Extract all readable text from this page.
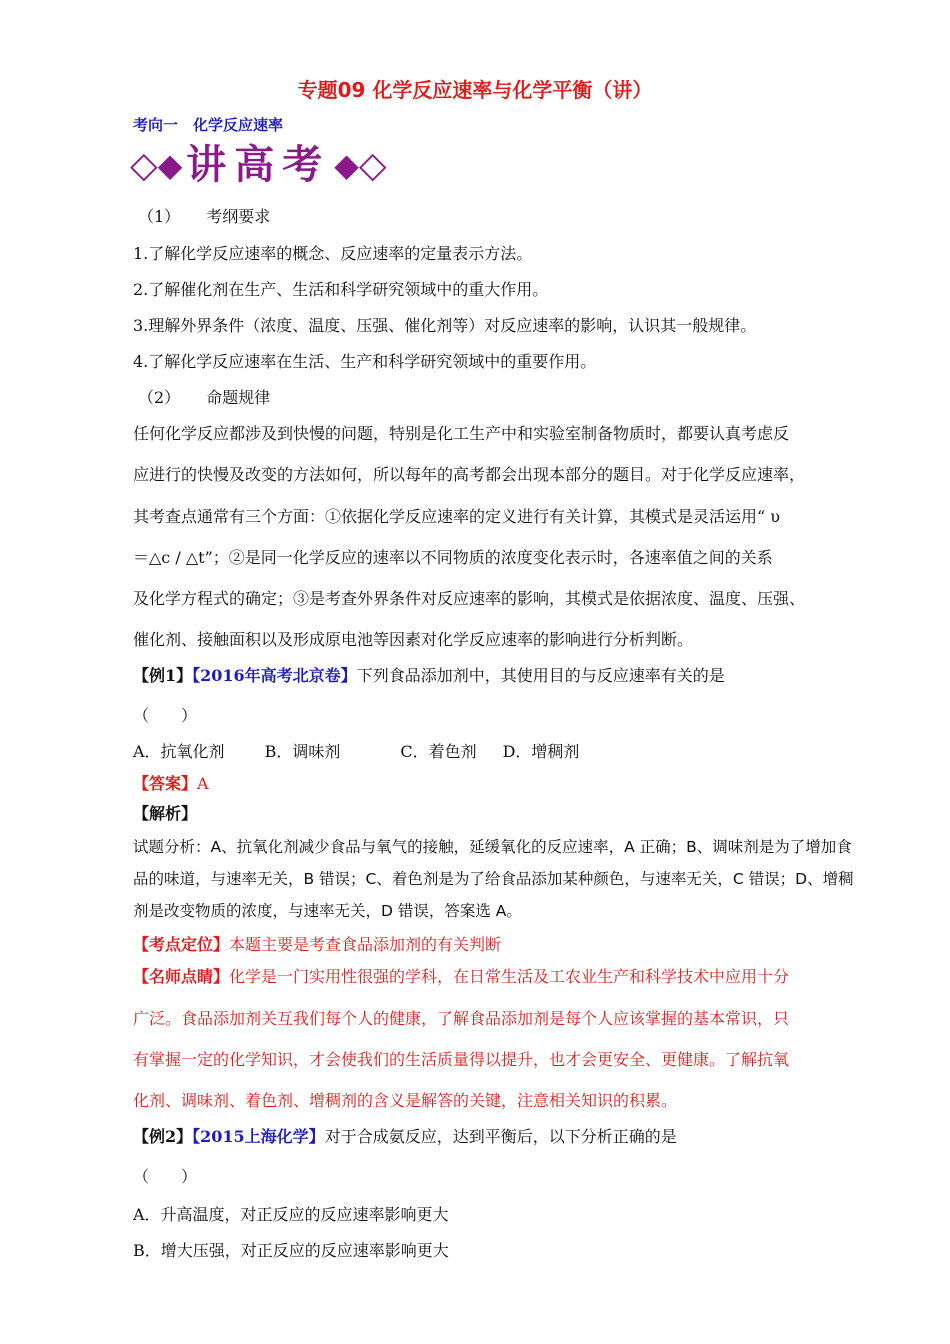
专题09 化学反应速率与化学平衡（讲）
考向一　化学反应速率
◇ ◆ 讲高考 ◆ ◇
（1） 考纲要求
1.了解化学反应速率的概念、反应速率的定量表示方法。
2.了解催化剂在生产、生活和科学研究领域中的重大作用。
3.理解外界条件（浓度、温度、压强、催化剂等）对反应速率的影响，认识其一般规律。
4.了解化学反应速率在生活、生产和科学研究领域中的重要作用。
（2） 命题规律
任何化学反应都涉及到快慢的问题，特别是化工生产中和实验室制备物质时，都要认真考虑反
应进行的快慢及改变的方法如何，所以每年的高考都会出现本部分的题目。对于化学反应速率，
其考查点通常有三个方面：①依据化学反应速率的定义进行有关计算，其模式是灵活运用“ υ
＝△c / △t”；②是同一化学反应的速率以不同物质的浓度变化表示时，各速率值之间的关系
及化学方程式的确定；③是考查外界条件对反应速率的影响，其模式是依据浓度、温度、压强、
催化剂、接触面积以及形成原电池等因素对化学反应速率的影响进行分析判断。
【例1】【2016年高考北京卷】下列食品添加剂中，其使用目的与反应速率有关的是
（　　）
A．抗氧化剂	B．调味剂	C．着色剂 D．增稠剂
【答案】A
【解析】
试题分析：A、抗氧化剂减少食品与氧气的接触，延缓氧化的反应速率，A 正确；B、调味剂是为了增加食
品的味道，与速率无关，B 错误；C、着色剂是为了给食品添加某种颜色，与速率无关，C 错误；D、增稠
剂是改变物质的浓度，与速率无关，D 错误，答案选 A。
【考点定位】本题主要是考查食品添加剂的有关判断
【名师点睛】化学是一门实用性很强的学科，在日常生活及工农业生产和科学技术中应用十分
广泛。食品添加剂关互我们每个人的健康，了解食品添加剂是每个人应该掌握的基本常识，只
有掌握一定的化学知识，才会使我们的生活质量得以提升，也才会更安全、更健康。了解抗氧
化剂、调味剂、着色剂、增稠剂的含义是解答的关键，注意相关知识的积累。
【例2】【2015上海化学】对于合成氨反应，达到平衡后，以下分析正确的是
（　　）
A．升高温度，对正反应的反应速率影响更大
B．增大压强，对正反应的反应速率影响更大
